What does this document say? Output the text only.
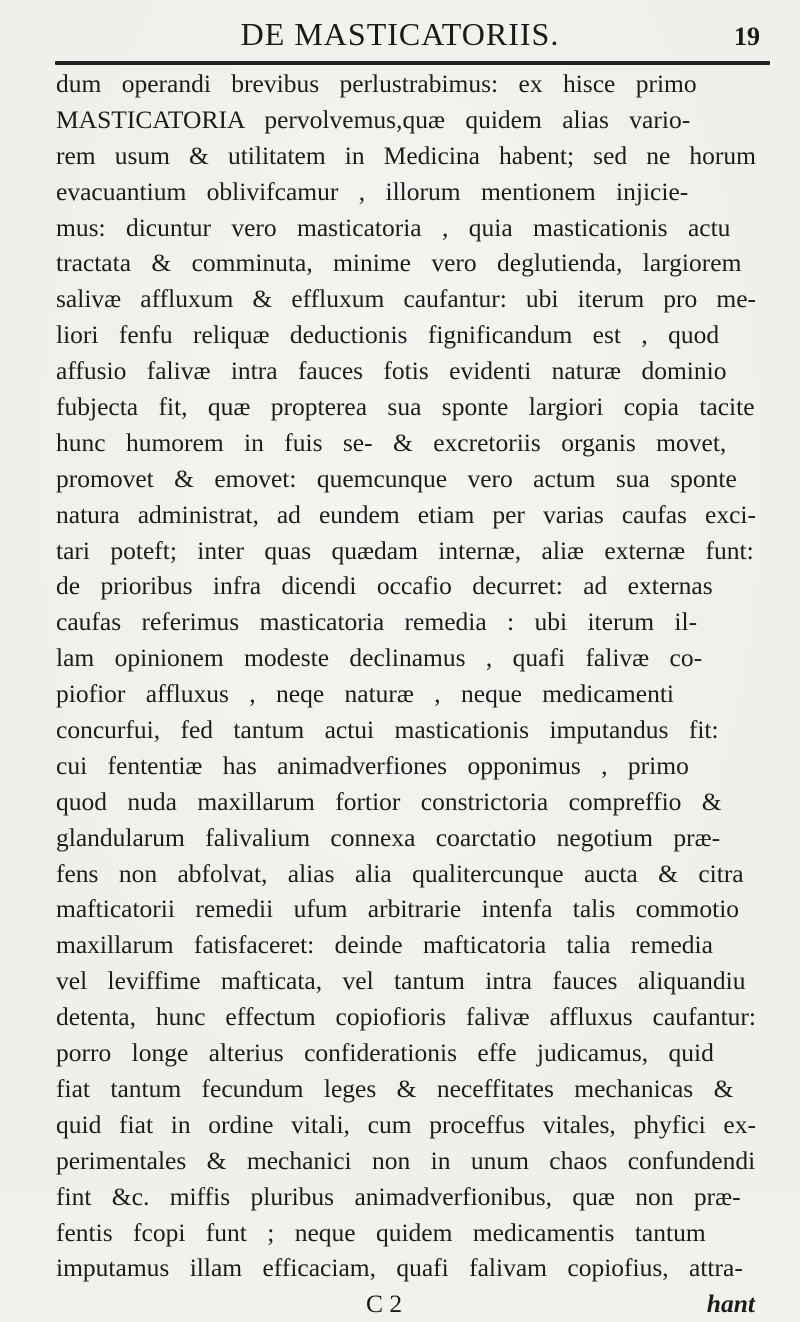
DE MASTICATORIIS.	19
dum operandi brevibus perlustrabimus: ex hisce primo
MASTICATORIA pervolvemus,quæ quidem alias vario-
rem usum & utilitatem in Medicina habent; sed ne horum
evacuantium oblivifcamur , illorum mentionem injicie-
mus: dicuntur vero masticatoria , quia masticationis actu
tractata & comminuta, minime vero deglutienda, largiorem
salivæ affluxum & effluxum caufantur: ubi iterum pro me-
liori fenfu reliquæ deductionis fignificandum est , quod
affusio falivæ intra fauces fotis evidenti naturæ dominio
fubjecta fit, quæ propterea sua sponte largiori copia tacite
hunc humorem in fuis se- & excretoriis organis movet,
promovet & emovet: quemcunque vero actum sua sponte
natura administrat, ad eundem etiam per varias caufas exci-
tari poteft; inter quas quædam internæ, aliæ externæ funt:
de prioribus infra dicendi occafio decurret: ad externas
caufas referimus masticatoria remedia : ubi iterum il-
lam opinionem modeste declinamus , quafi falivæ co-
piofior affluxus , neqe naturæ , neque medicamenti
concurfui, fed tantum actui masticationis imputandus fit:
cui fententiæ has animadverfiones opponimus , primo
quod nuda maxillarum fortior constrictoria compreffio &
glandularum falivalium connexa coarctatio negotium præ-
fens non abfolvat, alias alia qualitercunque aucta & citra
mafticatorii remedii ufum arbitrarie intenfa talis commotio
maxillarum fatisfaceret: deinde mafticatoria talia remedia
vel leviffime mafticata, vel tantum intra fauces aliquandiu
detenta, hunc effectum copiofioris falivæ affluxus caufantur:
porro longe alterius confiderationis effe judicamus, quid
fiat tantum fecundum leges & neceffitates mechanicas &
quid fiat in ordine vitali, cum proceffus vitales, phyfici ex-
perimentales & mechanici non in unum chaos confundendi
fint &c. miffis pluribus animadverfionibus, quæ non præ-
fentis fcopi funt ; neque quidem medicamentis tantum
imputamus illam efficaciam, quafi falivam copiofius, attra-
C 2	hant
